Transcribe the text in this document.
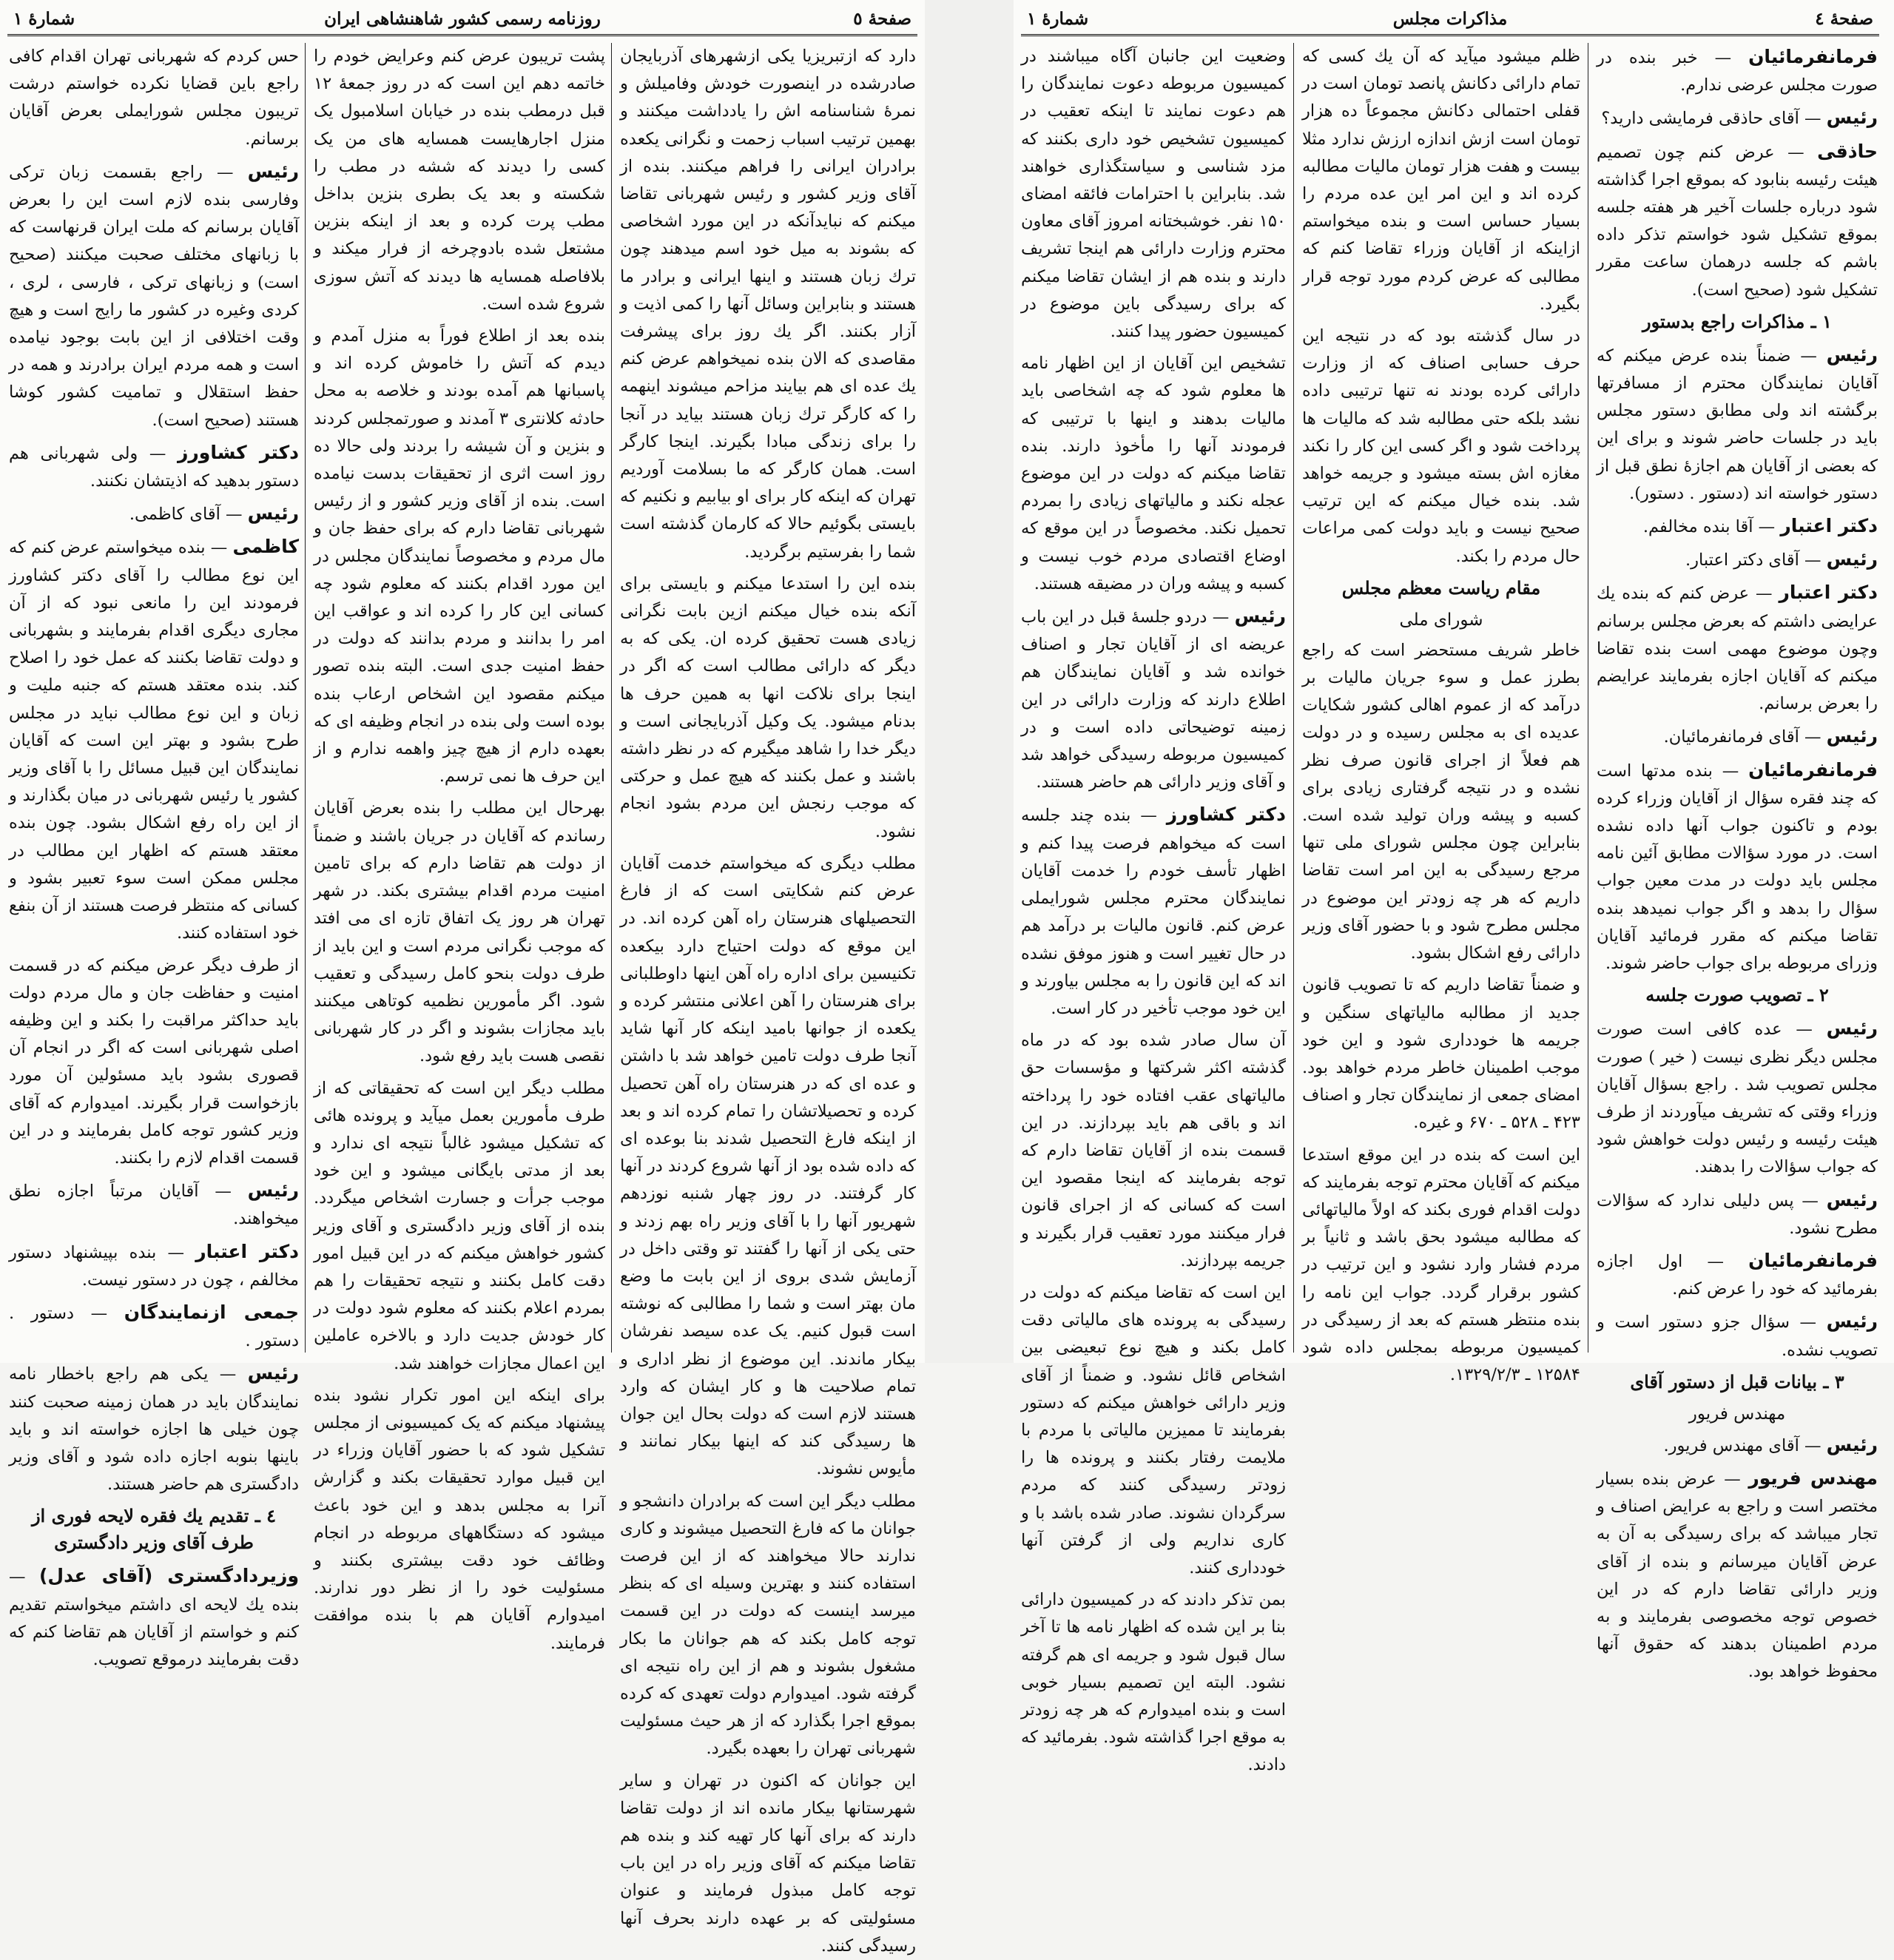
صفحهٔ ٥
روزنامه رسمی کشور شاهنشاهی ایران
شمارهٔ ۱

دارد که ازتبریزیا یکی ازشهرهای آذربایجان صادرشده در اینصورت خودش وفامیلش و نمرهٔ شناسنامه اش را یادداشت میکنند و بهمین ترتیب اسباب زحمت و نگرانی یکعده برادران ایرانی را فراهم میکنند. بنده از آقای وزیر کشور و رئیس شهربانی تقاضا میکنم که نبایدآنکه در این مورد اشخاصی که بشوند به میل خود اسم میدهند چون ترك زبان هستند و اینها ایرانی و برادر ما هستند و بنابراین وسائل آنها را کمی اذیت و آزار بکنند. اگر یك روز برای پیشرفت مقاصدی که الان بنده نمیخواهم عرض کنم یك عده ای هم بیایند مزاحم میشوند اینهمه را که کارگر ترك زبان هستند بیاید در آنجا را برای زندگی مبادا بگیرند. اینجا کارگر است. همان کارگر که ما بسلامت آوردیم تهران که اینکه کار برای او بیابیم و نکنیم که بایستی بگوئیم حالا که کارمان گذشته است شما را بفرستیم برگردید.

بنده این را استدعا میکنم و بایستی برای آنکه بنده خیال میکنم ازین بابت نگرانی زیادی هست تحقیق کرده ان. یکی که به دیگر که دارائی مطالب است که اگر در اینجا برای نلاکت انها به همین حرف ها بدنام میشود. یک وکیل آذربایجانی است و دیگر خدا را شاهد میگیرم که در نظر داشته باشند و عمل بکنند که هیچ عمل و حرکتی که موجب رنجش این مردم بشود انجام نشود.

مطلب دیگری که میخواستم خدمت آقایان عرض کنم شکایتی است که از فارغ التحصیلهای هنرستان راه آهن کرده اند. در این موقع که دولت احتیاج دارد بیکعده تکنیسین برای اداره راه آهن اینها داوطلبانی برای هنرستان را آهن اعلانی منتشر کرده و یکعده از جوانها بامید اینکه کار آنها شاید آنجا طرف دولت تامین خواهد شد با داشتن و عده ای که در هنرستان راه آهن تحصیل کرده و تحصیلاتشان را تمام کرده اند و بعد از اینکه فارغ التحصیل شدند بنا بوعده ای که داده شده بود از آنها شروع کردند در آنها کار گرفتند. در روز چهار شنبه نوزدهم شهریور آنها را با آقای وزیر راه بهم زدند و حتی یکی از آنها را گفتند تو وقتی داخل در آزمایش شدی بروی از این بابت ما وضع مان بهتر است و شما را مطالبی که نوشته است قبول کنیم. یک عده سیصد نفرشان بیکار ماندند. این موضوع از نظر اداری و تمام صلاحیت ها و کار ایشان که وارد هستند لازم است که دولت بحال این جوان ها رسیدگی کند که اینها بیکار نمانند و مأیوس نشوند.

مطلب دیگر این است که برادران دانشجو و جوانان ما که فارغ التحصیل میشوند و کاری ندارند حالا میخواهند که از این فرصت استفاده کنند و بهترین وسیله ای که بنظر میرسد اینست که دولت در این قسمت توجه کامل بکند که هم جوانان ما بکار مشغول بشوند و هم از این راه نتیجه ای گرفته شود. امیدوارم دولت تعهدی که کرده بموقع اجرا بگذارد که از هر حیث مسئولیت شهربانی تهران را بعهده بگیرد.

این جوانان که اکنون در تهران و سایر شهرستانها بیکار مانده اند از دولت تقاضا دارند که برای آنها کار تهیه کند و بنده هم تقاضا میکنم که آقای وزیر راه در این باب توجه کامل مبذول فرمایند و عنوان مسئولیتی که بر عهده دارند بحرف آنها رسیدگی کنند.

پشت تریبون عرض کنم وعرایض خودم را خاتمه دهم این است که در روز جمعهٔ ۱۲ قبل درمطب بنده در خیابان اسلامبول یک منزل اجارهایست همسایه های من یک کسی را دیدند که ششه در مطب را شکسته و بعد یک بطری بنزین بداخل مطب پرت کرده و بعد از اینکه بنزین مشتعل شده بادوچرخه از فرار میکند و بلافاصله همسایه ها دیدند که آتش سوزی شروع شده است.

بنده بعد از اطلاع فوراً به منزل آمدم و دیدم که آتش را خاموش کرده اند و پاسبانها هم آمده بودند و خلاصه به محل حادثه کلانتری ۳ آمدند و صورتمجلس کردند و بنزین و آن شیشه را بردند ولی حالا ده روز است اثری از تحقیقات بدست نیامده است. بنده از آقای وزیر کشور و از رئیس شهربانی تقاضا دارم که برای حفظ جان و مال مردم و مخصوصاً نمایندگان مجلس در این مورد اقدام بکنند که معلوم شود چه کسانی این کار را کرده اند و عواقب این امر را بدانند و مردم بدانند که دولت در حفظ امنیت جدی است. البته بنده تصور میکنم مقصود این اشخاص ارعاب بنده بوده است ولی بنده در انجام وظیفه ای که بعهده دارم از هیچ چیز واهمه ندارم و از این حرف ها نمی ترسم.

بهرحال این مطلب را بنده بعرض آقایان رساندم که آقایان در جریان باشند و ضمناً از دولت هم تقاضا دارم که برای تامین امنیت مردم اقدام بیشتری بکند. در شهر تهران هر روز یک اتفاق تازه ای می افتد که موجب نگرانی مردم است و این باید از طرف دولت بنحو کامل رسیدگی و تعقیب شود. اگر مأمورین نظمیه کوتاهی میکنند باید مجازات بشوند و اگر در کار شهربانی نقصی هست باید رفع شود.

مطلب دیگر این است که تحقیقاتی که از طرف مأمورین بعمل میآید و پرونده هائی که تشکیل میشود غالباً نتیجه ای ندارد و بعد از مدتی بایگانی میشود و این خود موجب جرأت و جسارت اشخاص میگردد. بنده از آقای وزیر دادگستری و آقای وزیر کشور خواهش میکنم که در این قبیل امور دقت کامل بکنند و نتیجه تحقیقات را هم بمردم اعلام بکنند که معلوم شود دولت در کار خودش جدیت دارد و بالاخره عاملین این اعمال مجازات خواهند شد.

برای اینکه این امور تکرار نشود بنده پیشنهاد میکنم که یک کمیسیونی از مجلس تشکیل شود که با حضور آقایان وزراء در این قبیل موارد تحقیقات بکند و گزارش آنرا به مجلس بدهد و این خود باعث میشود که دستگاههای مربوطه در انجام وظائف خود دقت بیشتری بکنند و مسئولیت خود را از نظر دور ندارند. امیدوارم آقایان هم با بنده موافقت فرمایند.

حس کردم که شهربانی تهران اقدام کافی راجع باین قضایا نکرده خواستم درشت تریبون مجلس شورایملی بعرض آقایان برسانم.

رئیس — راجع بقسمت زبان ترکی وفارسی بنده لازم است این را بعرض آقایان برسانم که ملت ایران قرنهاست که با زبانهای مختلف صحبت میکنند (صحیح است) و زبانهای ترکی ، فارسی ، لری ، کردی وغیره در کشور ما رایج است و هیچ وقت اختلافی از این بابت بوجود نیامده است و همه مردم ایران برادرند و همه در حفظ استقلال و تمامیت کشور کوشا هستند (صحیح است).

دکتر کشاورز — ولی شهربانی هم دستور بدهید که اذیتشان نکنند.

رئیس — آقای کاظمی.

کاظمی — بنده میخواستم عرض کنم که این نوع مطالب را آقای دکتر کشاورز فرمودند این را مانعی نبود که از آن مجاری دیگری اقدام بفرمایند و بشهربانی و دولت تقاضا بکنند که عمل خود را اصلاح کند. بنده معتقد هستم که جنبه ملیت و زبان و این نوع مطالب نباید در مجلس طرح بشود و بهتر این است که آقایان نمایندگان این قبیل مسائل را با آقای وزیر کشور یا رئیس شهربانی در میان بگذارند و از این راه رفع اشکال بشود. چون بنده معتقد هستم که اظهار این مطالب در مجلس ممکن است سوء تعبیر بشود و کسانی که منتظر فرصت هستند از آن بنفع خود استفاده کنند.

از طرف دیگر عرض میکنم که در قسمت امنیت و حفاظت جان و مال مردم دولت باید حداکثر مراقبت را بکند و این وظیفه اصلی شهربانی است که اگر در انجام آن قصوری بشود باید مسئولین آن مورد بازخواست قرار بگیرند. امیدوارم که آقای وزیر کشور توجه کامل بفرمایند و در این قسمت اقدام لازم را بکنند.

رئیس — آقایان مرتباً اجازه نطق میخواهند.

دکتر اعتبار — بنده بپیشنهاد دستور مخالفم ، چون در دستور نیست.

جمعی ازنمایندگان — دستور . دستور .

رئیس — یکی هم راجع باخطار نامه نمایندگان باید در همان زمینه صحبت کنند چون خیلی ها اجازه خواسته اند و باید باینها بنوبه اجازه داده شود و آقای وزیر دادگستری هم حاضر هستند.

٤ ـ تقدیم یك فقره لایحه فوری از طرف آقای وزیر دادگستری

وزیردادگستری (آقای عدل) — بنده یك لایحه ای داشتم میخواستم تقدیم کنم و خواستم از آقایان هم تقاضا کنم که دقت بفرمایند درموقع تصویب.

صفحهٔ ٤
مذاکرات مجلس
شمارهٔ ۱

فرمانفرمائیان — خبر بنده در صورت مجلس عرضی ندارم.

رئیس — آقای حاذقی فرمایشی دارید؟

حاذقی — عرض کنم چون تصمیم هیئت رئیسه بنابود که بموقع اجرا گذاشته شود درباره جلسات آخیر هر هفته جلسه بموقع تشکیل شود خواستم تذکر داده باشم که جلسه درهمان ساعت مقرر تشکیل شود (صحیح است).

۱ ـ مذاکرات راجع بدستور

رئیس — ضمناً بنده عرض میکنم که آقایان نمایندگان محترم از مسافرتها برگشته اند ولی مطابق دستور مجلس باید در جلسات حاضر شوند و برای این که بعضی از آقایان هم اجازهٔ نطق قبل از دستور خواسته اند (دستور . دستور).

دکتر اعتبار — آقا بنده مخالفم.

رئیس — آقای دکتر اعتبار.

دکتر اعتبار — عرض کنم که بنده یك عرایضی داشتم که بعرض مجلس برسانم وچون موضوع مهمی است بنده تقاضا میکنم که آقایان اجازه بفرمایند عرایضم را بعرض برسانم.

رئیس — آقای فرمانفرمائیان.

فرمانفرمائیان — بنده مدتها است که چند فقره سؤال از آقایان وزراء کرده بودم و تاکنون جواب آنها داده نشده است. در مورد سؤالات مطابق آئین نامه مجلس باید دولت در مدت معین جواب سؤال را بدهد و اگر جواب نمیدهد بنده تقاضا میکنم که مقرر فرمائید آقایان وزرای مربوطه برای جواب حاضر شوند.

۲ ـ تصویب صورت جلسه

رئیس — عده کافی است صورت مجلس دیگر نظری نیست ( خیر ) صورت مجلس تصویب شد . راجع بسؤال آقایان وزراء وقتی که تشریف میآوردند از طرف هیئت رئیسه و رئیس دولت خواهش شود که جواب سؤالات را بدهند.

رئیس — پس دلیلی ندارد که سؤالات مطرح نشود.

فرمانفرمائیان — اول اجازه بفرمائید که خود را عرض کنم.

رئیس — سؤال جزو دستور است و تصویب نشده.

۳ ـ بیانات قبل از دستور آقای
مهندس فریور

رئیس — آقای مهندس فریور.

مهندس فریور — عرض بنده بسیار مختصر است و راجع به عرایض اصناف و تجار میباشد که برای رسیدگی به آن به عرض آقایان میرسانم و بنده از آقای وزیر دارائی تقاضا دارم که در این خصوص توجه مخصوصی بفرمایند و به مردم اطمینان بدهند که حقوق آنها محفوظ خواهد بود.

ظلم میشود میآید که آن یك کسی که تمام دارائی دکانش پانصد تومان است در قفلی احتمالی دکانش مجموعاً ده هزار تومان است ازش اندازه ارزش ندارد مثلا بیست و هفت هزار تومان مالیات مطالبه کرده اند و این امر این عده مردم را بسیار حساس است و بنده میخواستم ازاینکه از آقایان وزراء تقاضا کنم که مطالبی که عرض کردم مورد توجه قرار بگیرد.

در سال گذشته بود که در نتیجه این حرف حسابی اصناف که از وزارت دارائی کرده بودند نه تنها ترتیبی داده نشد بلکه حتی مطالبه شد که مالیات ها پرداخت شود و اگر کسی این کار را نکند مغازه اش بسته میشود و جریمه خواهد شد. بنده خیال میکنم که این ترتیب صحیح نیست و باید دولت کمی مراعات حال مردم را بکند.

مقام ریاست معظم مجلس
شورای ملی

خاطر شریف مستحضر است که راجع بطرز عمل و سوء جریان مالیات بر درآمد که از عموم اهالی کشور شکایات عدیده ای به مجلس رسیده و در دولت هم فعلاً از اجرای قانون صرف نظر نشده و در نتیجه گرفتاری زیادی برای کسبه و پیشه وران تولید شده است. بنابراین چون مجلس شورای ملی تنها مرجع رسیدگی به این امر است تقاضا داریم که هر چه زودتر این موضوع در مجلس مطرح شود و با حضور آقای وزیر دارائی رفع اشکال بشود.

و ضمناً تقاضا داریم که تا تصویب قانون جدید از مطالبه مالیاتهای سنگین و جریمه ها خودداری شود و این خود موجب اطمینان خاطر مردم خواهد بود. امضای جمعی از نمایندگان تجار و اصناف ۴۲۳ ـ ۵۲۸ ـ ۶۷۰ و غیره.

این است که بنده در این موقع استدعا میکنم که آقایان محترم توجه بفرمایند که دولت اقدام فوری بکند که اولاً مالیاتهائی که مطالبه میشود بحق باشد و ثانیاً بر مردم فشار وارد نشود و این ترتیب در کشور برقرار گردد. جواب این نامه را بنده منتظر هستم که بعد از رسیدگی در کمیسیون مربوطه بمجلس داده شود ۱۲۵۸۴ ـ ۱۳۲۹/۲/۳.

وضعیت این جانبان آگاه میباشند در کمیسیون مربوطه دعوت نمایندگان را هم دعوت نمایند تا اینکه تعقیب در کمیسیون تشخیص خود داری بکنند که مزد شناسی و سیاستگذاری خواهند شد. بنابراین با احترامات فائقه امضای ۱۵۰ نفر. خوشبختانه امروز آقای معاون محترم وزارت دارائی هم اینجا تشریف دارند و بنده هم از ایشان تقاضا میکنم که برای رسیدگی باین موضوع در کمیسیون حضور پیدا کنند.

تشخیص این آقایان از این اظهار نامه ها معلوم شود که چه اشخاصی باید مالیات بدهند و اینها با ترتیبی که فرمودند آنها را مأخوذ دارند. بنده تقاضا میکنم که دولت در این موضوع عجله نکند و مالیاتهای زیادی را بمردم تحمیل نکند. مخصوصاً در این موقع که اوضاع اقتصادی مردم خوب نیست و کسبه و پیشه وران در مضیقه هستند.

رئیس — دردو جلسهٔ قبل در این باب عریضه ای از آقایان تجار و اصناف خوانده شد و آقایان نمایندگان هم اطلاع دارند که وزارت دارائی در این زمینه توضیحاتی داده است و در کمیسیون مربوطه رسیدگی خواهد شد و آقای وزیر دارائی هم حاضر هستند.

دکتر کشاورز — بنده چند جلسه است که میخواهم فرصت پیدا کنم و اظهار تأسف خودم را خدمت آقایان نمایندگان محترم مجلس شورایملی عرض کنم. قانون مالیات بر درآمد هم در حال تغییر است و هنوز موفق نشده اند که این قانون را به مجلس بیاورند و این خود موجب تأخیر در کار است.

آن سال صادر شده بود که در ماه گذشته اکثر شرکتها و مؤسسات حق مالیاتهای عقب افتاده خود را پرداخته اند و باقی هم باید بپردازند. در این قسمت بنده از آقایان تقاضا دارم که توجه بفرمایند که اینجا مقصود این است که کسانی که از اجرای قانون فرار میکنند مورد تعقیب قرار بگیرند و جریمه بپردازند.

این است که تقاضا میکنم که دولت در رسیدگی به پرونده های مالیاتی دقت کامل بکند و هیچ نوع تبعیضی بین اشخاص قائل نشود. و ضمناً از آقای وزیر دارائی خواهش میکنم که دستور بفرمایند تا ممیزین مالیاتی با مردم با ملایمت رفتار بکنند و پرونده ها را زودتر رسیدگی کنند که مردم سرگردان نشوند. صادر شده باشد با و کاری نداریم ولی از گرفتن آنها خودداری کنند.

بمن تذکر دادند که در کمیسیون دارائی بنا بر این شده که اظهار نامه ها تا آخر سال قبول شود و جریمه ای هم گرفته نشود. البته این تصمیم بسیار خوبی است و بنده امیدوارم که هر چه زودتر به موقع اجرا گذاشته شود. بفرمائید که دادند.
